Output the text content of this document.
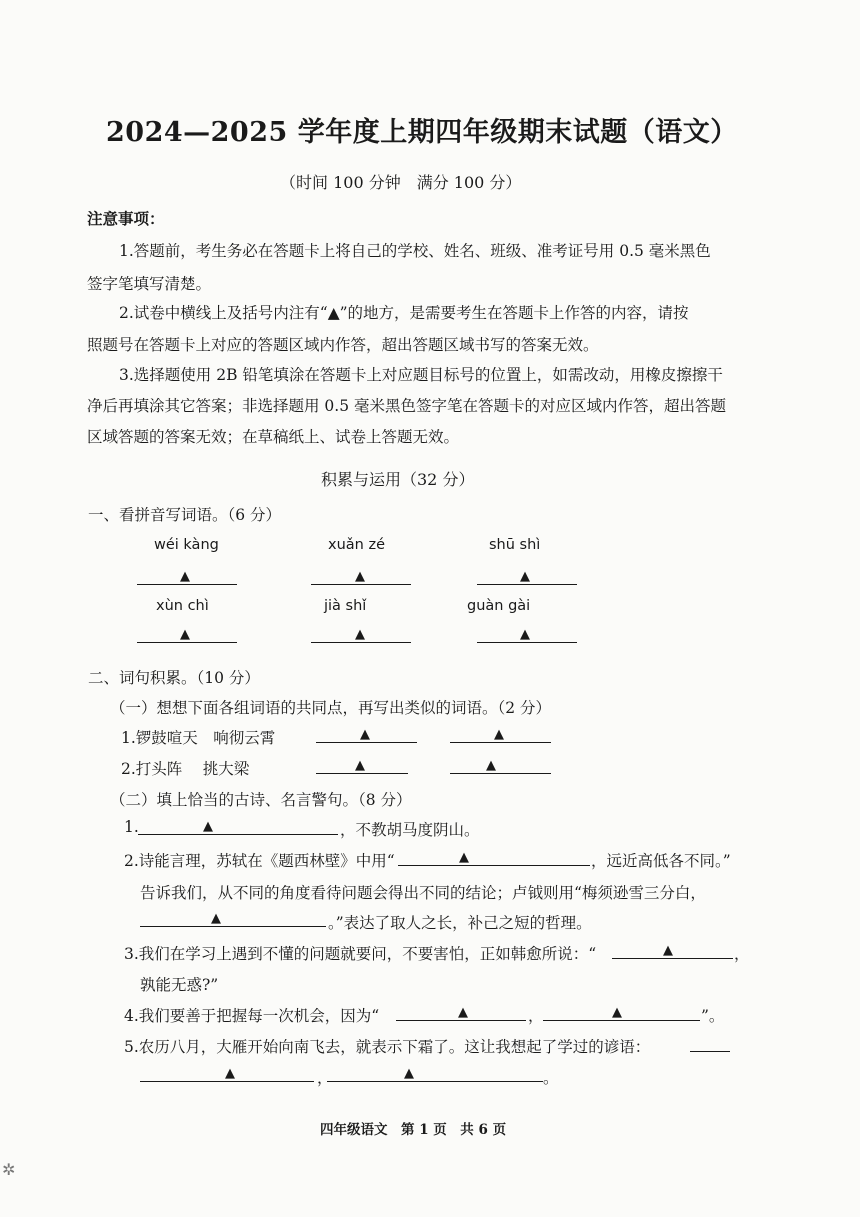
2024—2025 学年度上期四年级期末试题（语文）
（时间 100 分钟　满分 100 分）
注意事项：
1.答题前，考生务必在答题卡上将自己的学校、姓名、班级、准考证号用 0.5 毫米黑色
签字笔填写清楚。
2.试卷中横线上及括号内注有“▲”的地方，是需要考生在答题卡上作答的内容，请按
照题号在答题卡上对应的答题区域内作答，超出答题区域书写的答案无效。
3.选择题使用 2B 铅笔填涂在答题卡上对应题目标号的位置上，如需改动，用橡皮擦擦干
净后再填涂其它答案；非选择题用 0.5 毫米黑色签字笔在答题卡的对应区域内作答，超出答题
区域答题的答案无效；在草稿纸上、试卷上答题无效。
积累与运用（32 分）
一、看拼音写词语。（6 分）
wéi kàng	xuǎn zé	shū shì
▲	▲	▲
xùn chì	jià shǐ	guàn gài
▲	▲	▲
二、词句积累。（10 分）
（一）想想下面各组词语的共同点，再写出类似的词语。（2 分）
1.锣鼓喧天　响彻云霄	▲	▲
2.打头阵　 挑大梁	▲	▲
（二）填上恰当的古诗、名言警句。（8 分）
1.	▲	，不教胡马度阴山。
2.诗能言理，苏轼在《题西林壁》中用“	▲	，远近高低各不同。”
告诉我们，从不同的角度看待问题会得出不同的结论；卢钺则用“梅须逊雪三分白，
▲	。”表达了取人之长，补己之短的哲理。
3.我们在学习上遇到不懂的问题就要问，不要害怕，正如韩愈所说：“	▲	，
孰能无惑?”
4.我们要善于把握每一次机会，因为“	▲	，	▲	”。
5.农历八月，大雁开始向南飞去，就表示下霜了。这让我想起了学过的谚语：
▲	，	▲	。
四年级语文　第 1 页　共 6 页
✲
